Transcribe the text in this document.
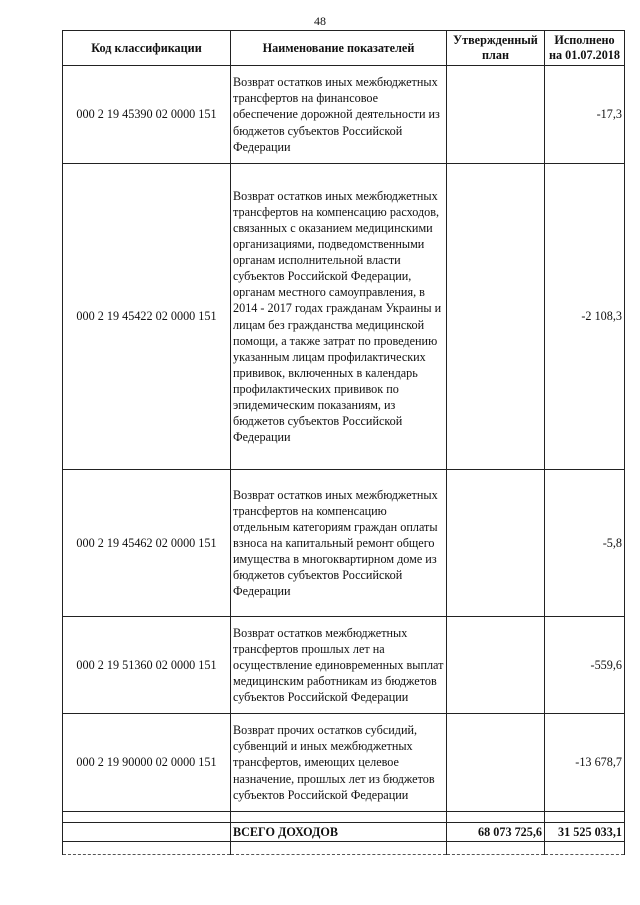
48
Код классификации	Наименование показателей	Утвержденный план	Исполнено на 01.07.2018
000 2 19 45390 02 0000 151	Возврат остатков иных межбюджетных трансфертов на финансовое обеспечение дорожной деятельности из бюджетов субъектов Российской Федерации		-17,3
000 2 19 45422 02 0000 151	Возврат остатков иных межбюджетных трансфертов на компенсацию расходов, связанных с оказанием медицинскими организациями, подведомственными органам исполнительной власти субъектов Российской Федерации, органам местного самоуправления, в 2014 - 2017 годах гражданам Украины и лицам без гражданства медицинской помощи, а также затрат по проведению указанным лицам профилактических прививок, включенных в календарь профилактических прививок по эпидемическим показаниям, из бюджетов субъектов Российской Федерации		-2 108,3
000 2 19 45462 02 0000 151	Возврат остатков иных межбюджетных трансфертов на компенсацию отдельным категориям граждан оплаты взноса на капитальный ремонт общего имущества в многоквартирном доме из бюджетов субъектов Российской Федерации		-5,8
000 2 19 51360 02 0000 151	Возврат остатков межбюджетных трансфертов прошлых лет на осуществление единовременных выплат медицинским работникам из бюджетов субъектов Российской Федерации		-559,6
000 2 19 90000 02 0000 151	Возврат прочих остатков субсидий, субвенций и иных межбюджетных трансфертов, имеющих целевое назначение, прошлых лет из бюджетов субъектов Российской Федерации		-13 678,7

	ВСЕГО ДОХОДОВ	68 073 725,6	31 525 033,1
